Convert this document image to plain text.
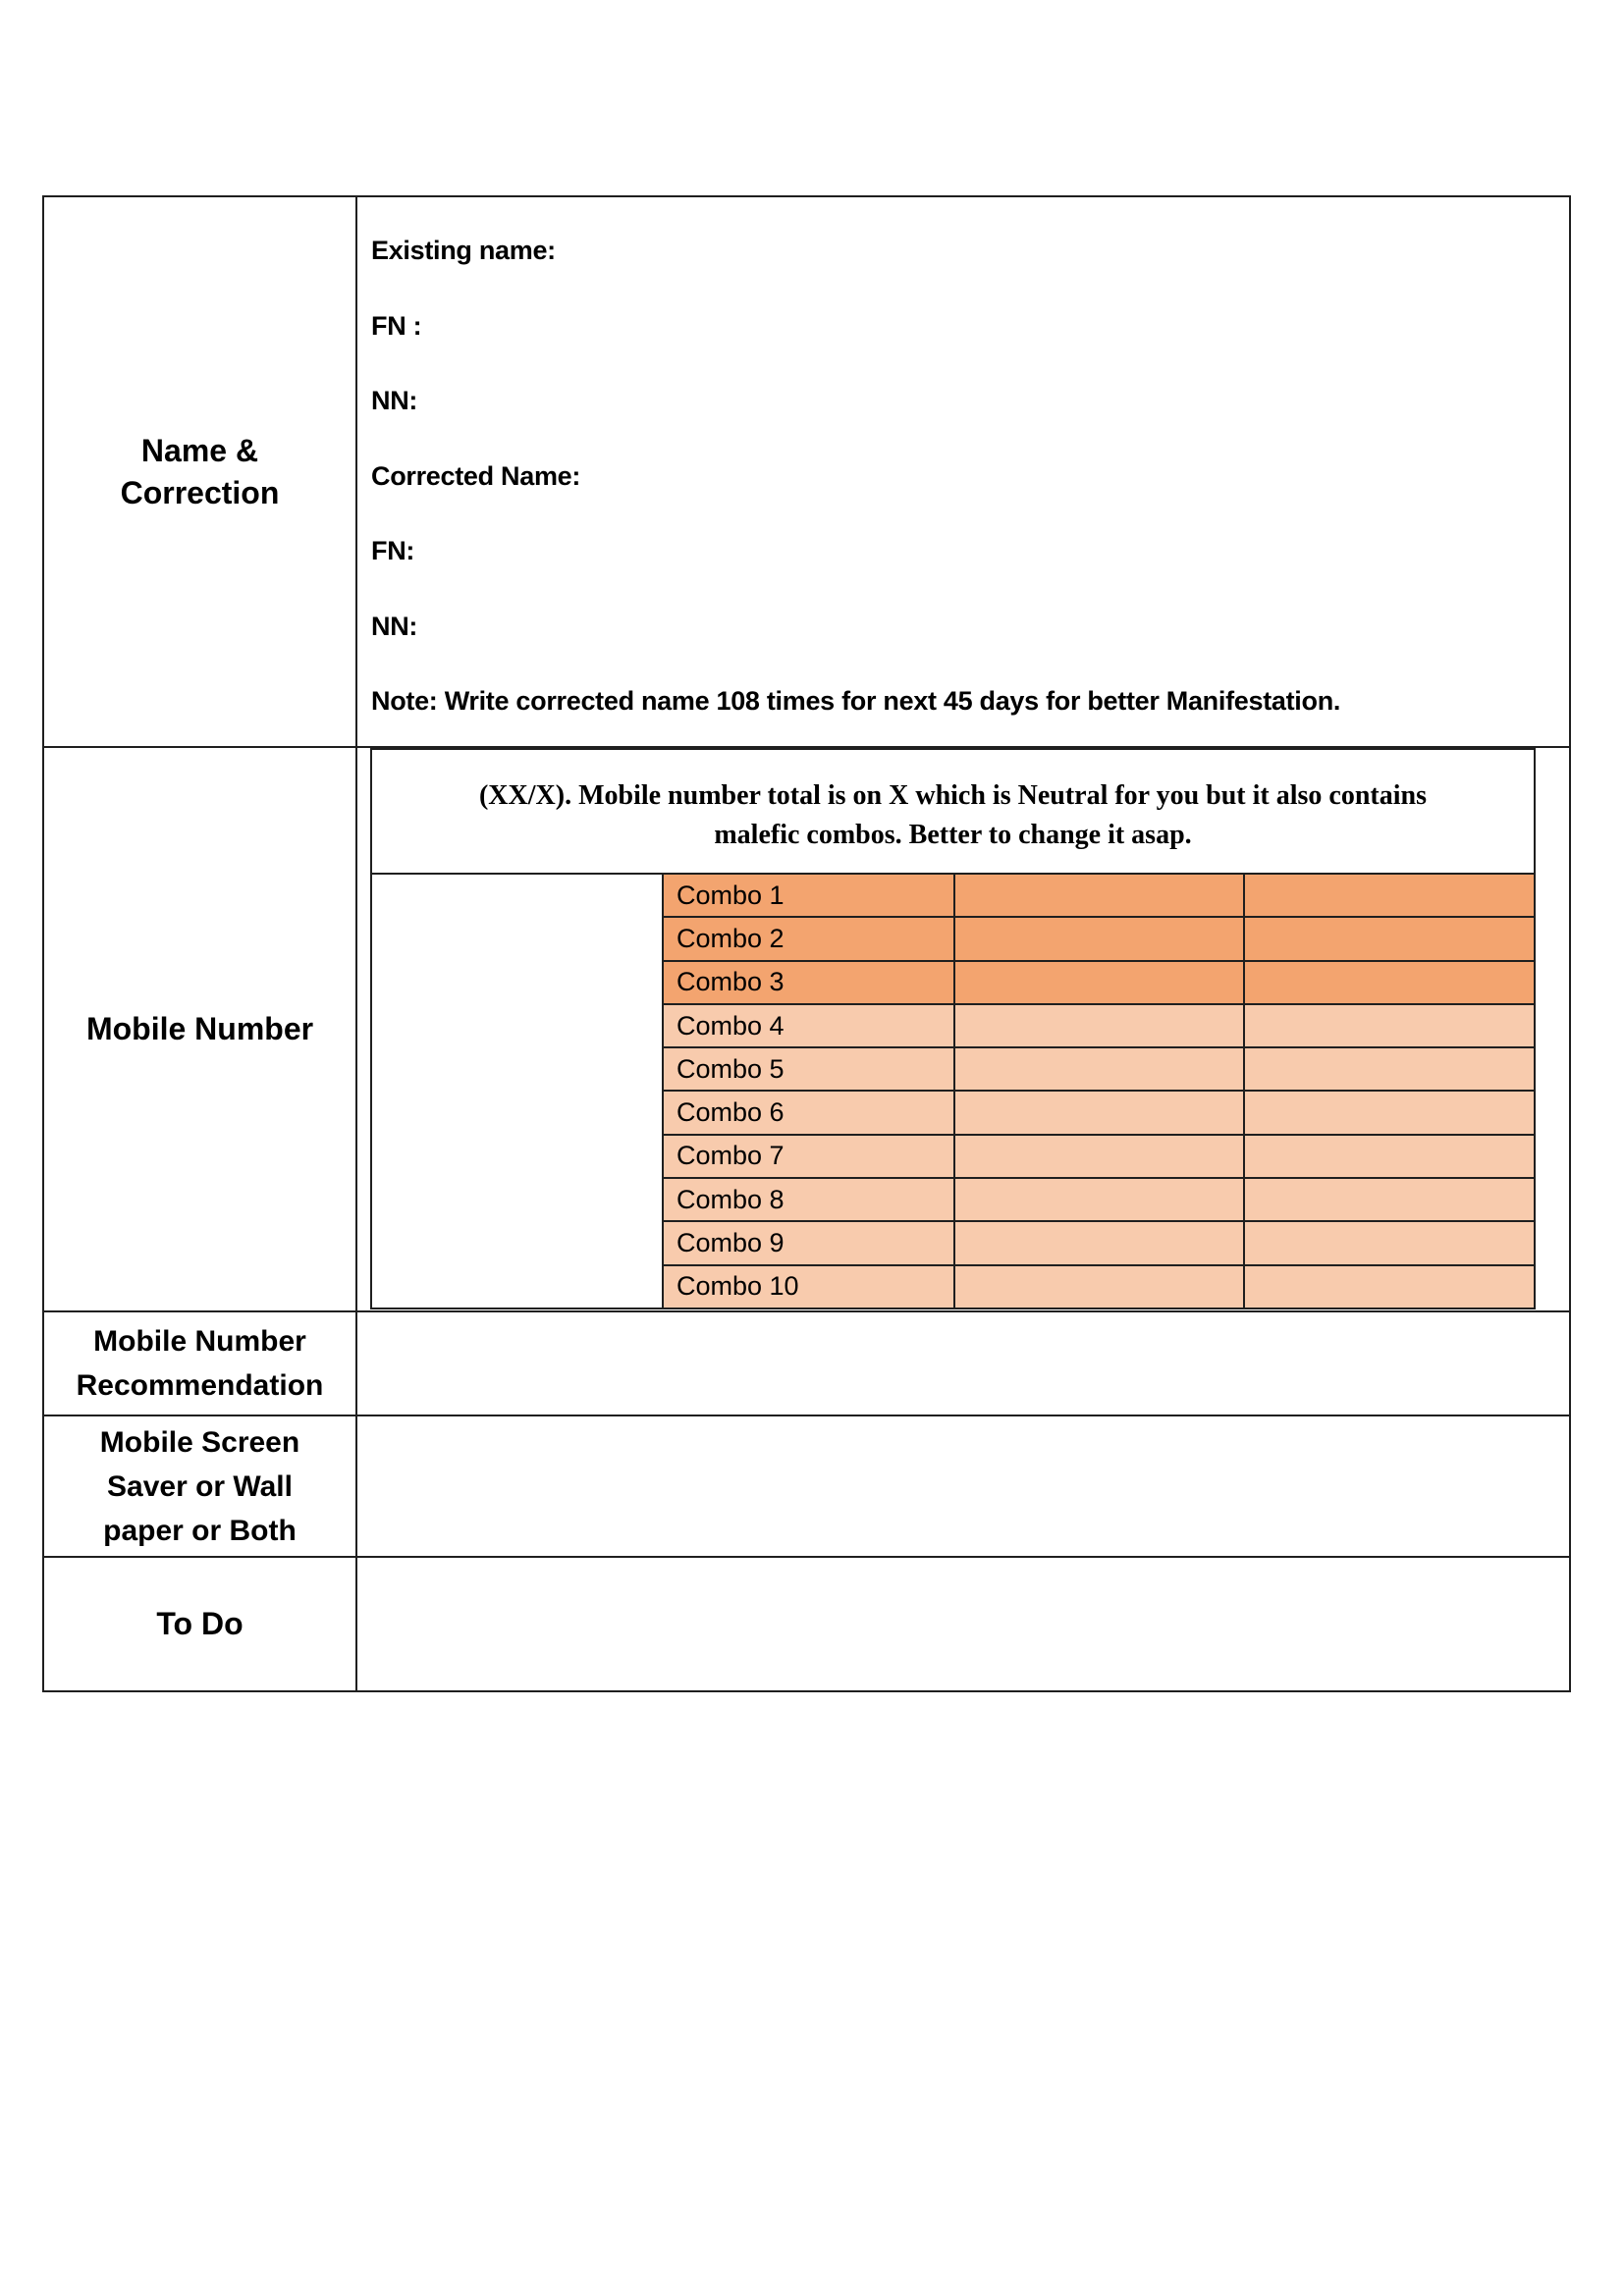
Name &
Correction
Existing name:
FN :
NN:
Corrected Name:
FN:
NN:
Note: Write corrected name 108 times for next 45 days for better Manifestation.
Mobile Number
(XX/X). Mobile number total is on X which is Neutral for you but it also contains
malefic combos. Better to change it asap.
Combo 1
Combo 2
Combo 3
Combo 4
Combo 5
Combo 6
Combo 7
Combo 8
Combo 9
Combo 10
Mobile Number
Recommendation
Mobile Screen
Saver or Wall
paper or Both
To Do
